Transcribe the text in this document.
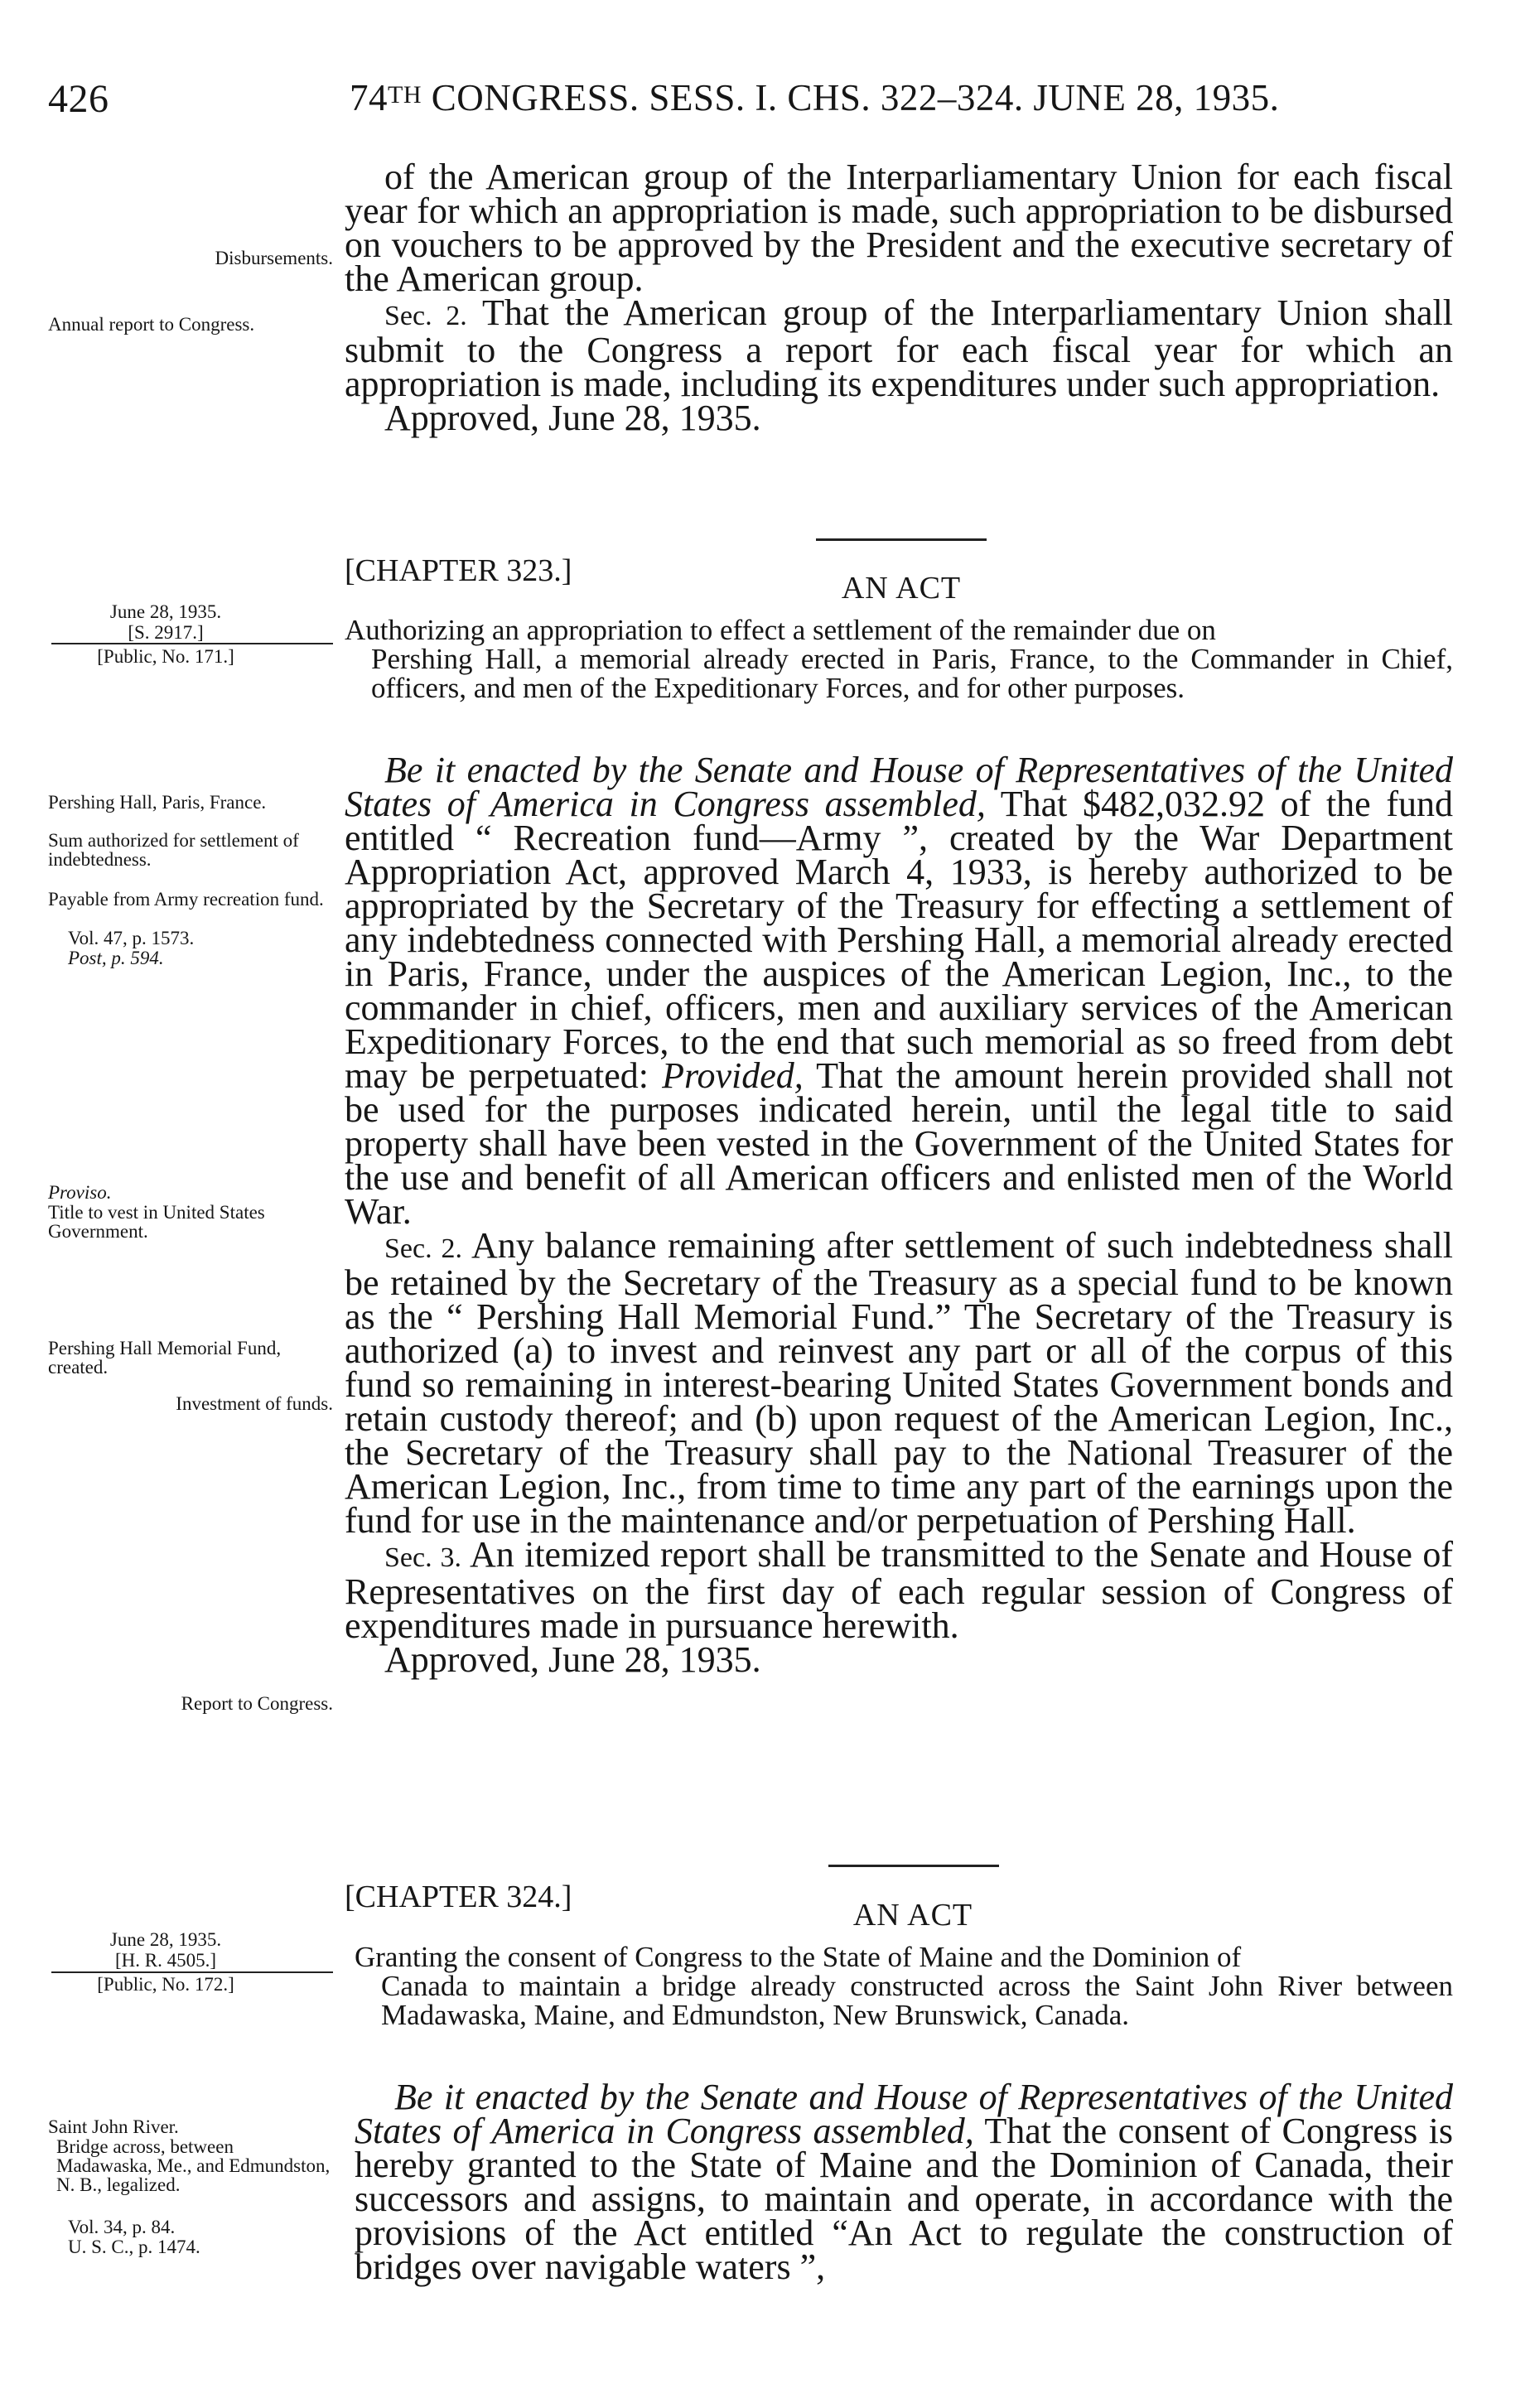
426	74TH CONGRESS. SESS. I. CHS. 322–324. JUNE 28, 1935.

of the American group of the Interparliamentary Union for each fiscal year for which an appropriation is made, such appropriation to be disbursed on vouchers to be approved by the President and the executive secretary of the American group.

Sec. 2. That the American group of the Interparliamentary Union shall submit to the Congress a report for each fiscal year for which an appropriation is made, including its expenditures under such appropriation.

Approved, June 28, 1935.

Disbursements.
Annual report to Congress.
[CHAPTER 323.]	AN ACT
June 28, 1935.
[S. 2917.]
[Public, No. 171.]
Authorizing an appropriation to effect a settlement of the remainder due on
Pershing Hall, a memorial already erected in Paris, France, to the Commander in Chief, officers, and men of the Expeditionary Forces, and for other purposes.

Be it enacted by the Senate and House of Representatives of the United States of America in Congress assembled, That $482,032.92 of the fund entitled “ Recreation fund—Army ”, created by the War Department Appropriation Act, approved March 4, 1933, is hereby authorized to be appropriated by the Secretary of the Treasury for effecting a settlement of any indebtedness connected with Pershing Hall, a memorial already erected in Paris, France, under the auspices of the American Legion, Inc., to the commander in chief, officers, men and auxiliary services of the American Expeditionary Forces, to the end that such memorial as so freed from debt may be perpetuated: Provided, That the amount herein provided shall not be used for the purposes indicated herein, until the legal title to said property shall have been vested in the Government of the United States for the use and benefit of all American officers and enlisted men of the World War.

Sec. 2. Any balance remaining after settlement of such indebtedness shall be retained by the Secretary of the Treasury as a special fund to be known as the “ Pershing Hall Memorial Fund.” The Secretary of the Treasury is authorized (a) to invest and reinvest any part or all of the corpus of this fund so remaining in interest-bearing United States Government bonds and retain custody thereof; and (b) upon request of the American Legion, Inc., the Secretary of the Treasury shall pay to the National Treasurer of the American Legion, Inc., from time to time any part of the earnings upon the fund for use in the maintenance and/or perpetuation of Pershing Hall.

Sec. 3. An itemized report shall be transmitted to the Senate and House of Representatives on the first day of each regular session of Congress of expenditures made in pursuance herewith.

Approved, June 28, 1935.

Pershing Hall, Paris, France.
Sum authorized for settlement of indebtedness.
Payable from Army recreation fund.
Vol. 47, p. 1573.
Post, p. 594.
Proviso.
Title to vest in United States Government.
Pershing Hall Memorial Fund, created.
Investment of funds.
Report to Congress.
[CHAPTER 324.]
AN ACT
June 28, 1935.
[H. R. 4505.]
[Public, No. 172.]
Granting the consent of Congress to the State of Maine and the Dominion of
Canada to maintain a bridge already constructed across the Saint John River between Madawaska, Maine, and Edmundston, New Brunswick, Canada.

Be it enacted by the Senate and House of Representatives of the United States of America in Congress assembled, That the consent of Congress is hereby granted to the State of Maine and the Dominion of Canada, their successors and assigns, to maintain and operate, in accordance with the provisions of the Act entitled “An Act to regulate the construction of bridges over navigable waters ”,

Saint John River.
Bridge across, between Madawaska, Me., and Edmundston, N. B., legalized.
Vol. 34, p. 84.
U. S. C., p. 1474.
